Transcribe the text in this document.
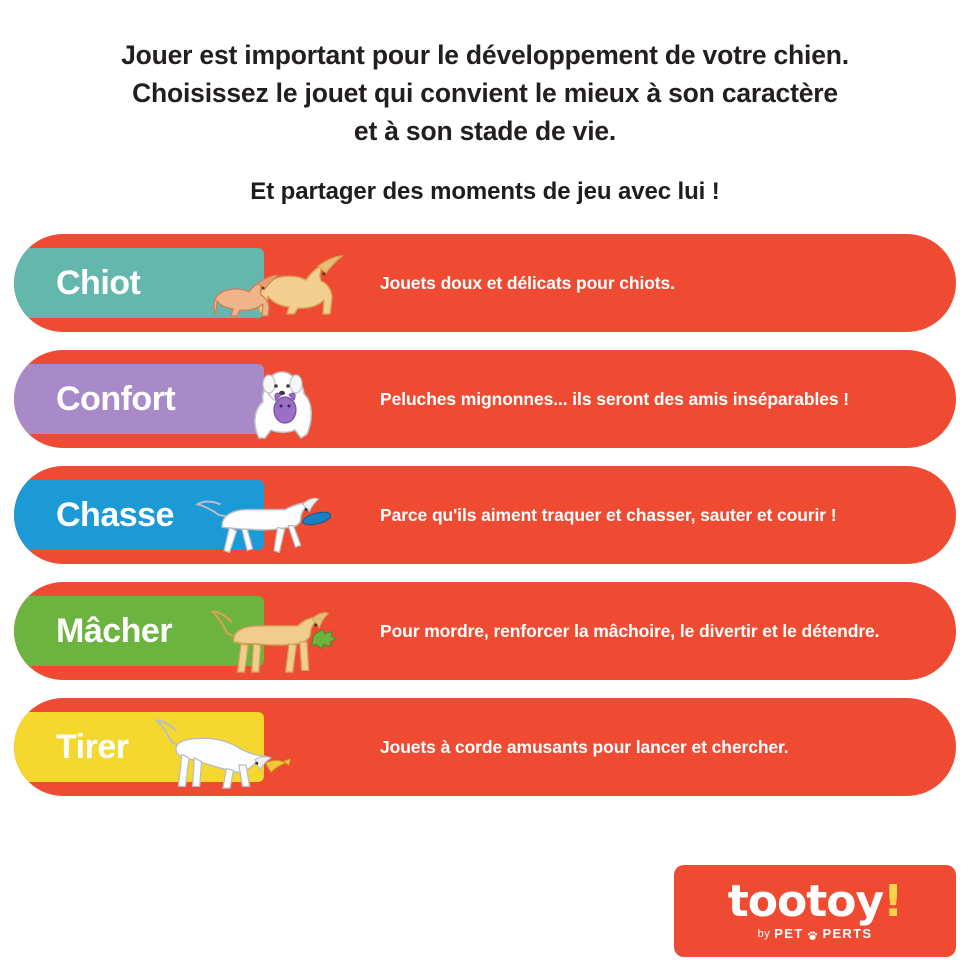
Jouer est important pour le développement de votre chien.
Choisissez le jouet qui convient le mieux à son caractère
et à son stade de vie.
Et partager des moments de jeu avec lui !
Chiot	Jouets doux et délicats pour chiots.
Confort	Peluches mignonnes... ils seront des amis inséparables !
Chasse	Parce qu'ils aiment traquer et chasser, sauter et courir !
Mâcher	Pour mordre, renforcer la mâchoire, le divertir et le détendre.
Tirer	Jouets à corde amusants pour lancer et chercher.
tootoy!
by PET PERTS
